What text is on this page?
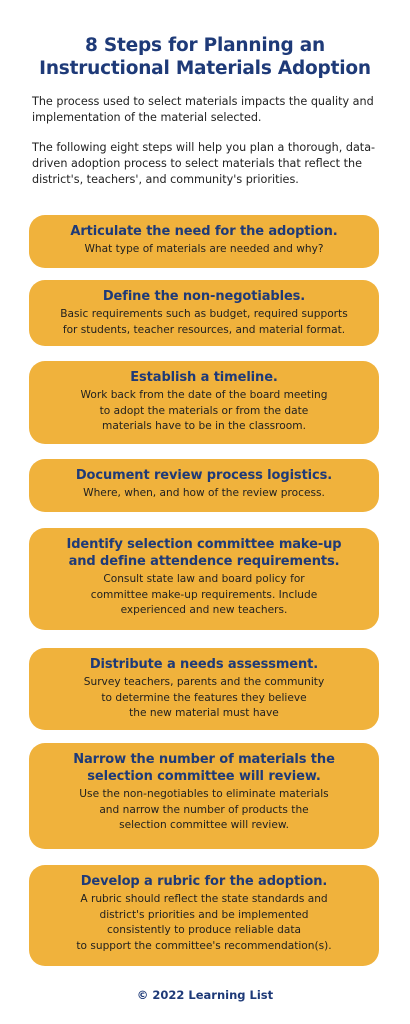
8 Steps for Planning an
Instructional Materials Adoption

The process used to select materials impacts the quality and implementation of the material selected.

The following eight steps will help you plan a thorough, data-driven adoption process to select materials that reflect the district's, teachers', and community's priorities.

Articulate the need for the adoption.
What type of materials are needed and why?
Define the non-negotiables.
Basic requirements such as budget, required supports
for students, teacher resources, and material format.
Establish a timeline.
Work back from the date of the board meeting
to adopt the materials or from the date
materials have to be in the classroom.
Document review process logistics.
Where, when, and how of the review process.
Identify selection committee make-up
and define attendence requirements.
Consult state law and board policy for
committee make-up requirements. Include
experienced and new teachers.
Distribute a needs assessment.
Survey teachers, parents and the community
to determine the features they believe
the new material must have
Narrow the number of materials the
selection committee will review.
Use the non-negotiables to eliminate materials
and narrow the number of products the
selection committee will review.
Develop a rubric for the adoption.
A rubric should reflect the state standards and
district's priorities and be implemented
consistently to produce reliable data
to support the committee's recommendation(s).
© 2022 Learning List
